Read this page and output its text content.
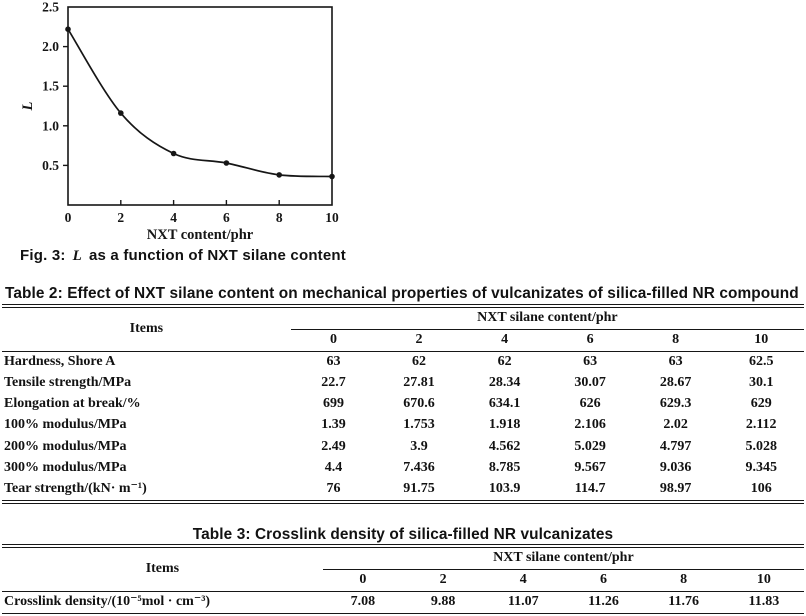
0	2	4	6	8	10
0.5
1.0
1.5
2.0
2.5
NXT content/phr
L
Fig. 3: L as a function of NXT silane content
Table 2: Effect of NXT silane content on mechanical properties of vulcanizates of silica-filled NR compound
Items	NXT silane content/phr					
	0	2	4	6	8	10
Hardness, Shore A	63	62	62	63	63	62.5
Tensile strength/MPa	22.7	27.81	28.34	30.07	28.67	30.1
Elongation at break/%	699	670.6	634.1	626	629.3	629
100% modulus/MPa	1.39	1.753	1.918	2.106	2.02	2.112
200% modulus/MPa	2.49	3.9	4.562	5.029	4.797	5.028
300% modulus/MPa	4.4	7.436	8.785	9.567	9.036	9.345
Tear strength/(kN· m⁻¹)	76	91.75	103.9	114.7	98.97	106
Table 3: Crosslink density of silica-filled NR vulcanizates
Items	NXT silane content/phr					
	0	2	4	6	8	10
Crosslink density/(10⁻⁵mol · cm⁻³)	7.08	9.88	11.07	11.26	11.76	11.83
